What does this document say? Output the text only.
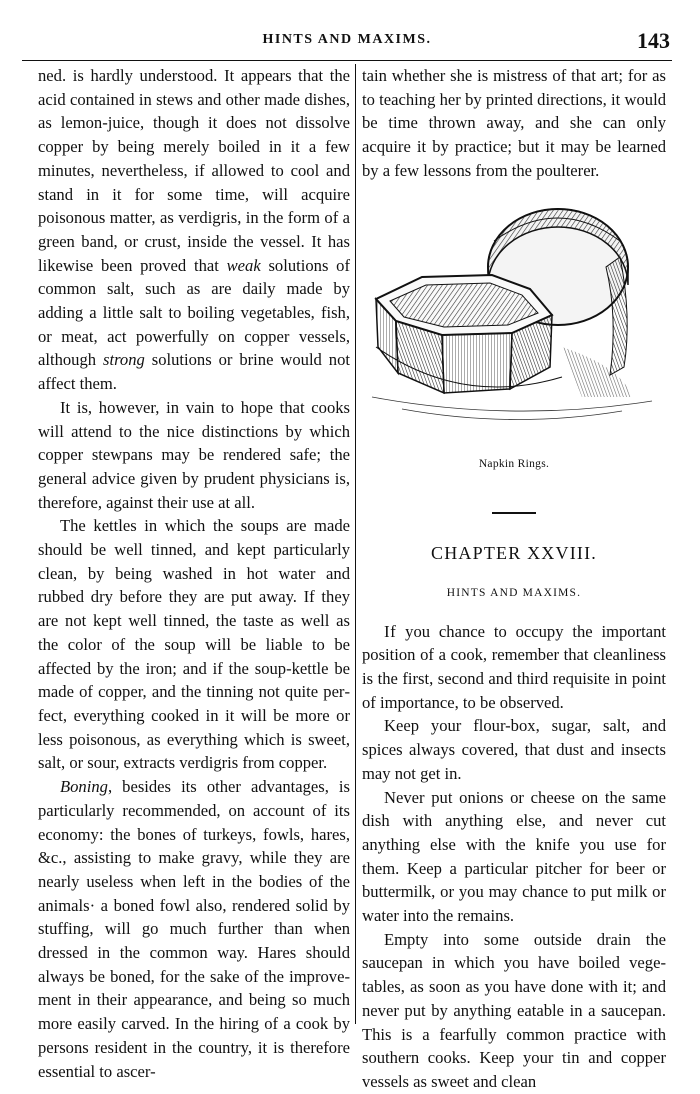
HINTS AND MAXIMS.	143

ned. is hardly understood. It appears that the acid contained in stews and other made dishes, as lemon-juice, though it does not dissolve copper by being merely boiled in it a few minutes, nevertheless, if allowed to cool and stand in it for some time, will acquire poisonous matter, as verdigris, in the form of a green band, or crust, inside the vessel. It has likewise been proved that weak solutions of common salt, such as are daily made by adding a little salt to boiling vegetables, fish, or meat, act powerfully on copper vessels, although strong solutions or brine would not affect them.

It is, however, in vain to hope that cooks will attend to the nice distinctions by which copper stewpans may be rendered safe; the general advice given by prudent physicians is, therefore, against their use at all.

The kettles in which the soups are made should be well tinned, and kept particularly clean, by being washed in hot water and rubbed dry before they are put away. If they are not kept well tinned, the taste as well as the color of the soup will be liable to be affected by the iron; and if the soup-kettle be made of copper, and the tinning not quite perfect, everything cooked in it will be more or less poisonous, as everything which is sweet, salt, or sour, extracts verdigris from copper.

Boning, besides its other advantages, is particularly recommended, on account of its economy: the bones of turkeys, fowls, hares, &c., assisting to make gravy, while they are nearly useless when left in the bodies of the animals· a boned fowl also, rendered solid by stuffing, will go much further than when dressed in the common way. Hares should always be boned, for the sake of the improvement in their appearance, and being so much more easily carved. In the hiring of a cook by persons resident in the country, it is therefore essential to ascer-

tain whether she is mistress of that art; for as to teaching her by printed directions, it would be time thrown away, and she can only acquire it by practice; but it may be learned by a few lessons from the poulterer.

Napkin Rings.
CHAPTER XXVIII.
HINTS AND MAXIMS.

If you chance to occupy the important position of a cook, remember that cleanliness is the first, second and third requisite in point of importance, to be observed.

Keep your flour-box, sugar, salt, and spices always covered, that dust and insects may not get in.

Never put onions or cheese on the same dish with anything else, and never cut anything else with the knife you use for them. Keep a particular pitcher for beer or buttermilk, or you may chance to put milk or water into the remains.

Empty into some outside drain the saucepan in which you have boiled vegetables, as soon as you have done with it; and never put by anything eatable in a saucepan. This is a fearfully common practice with southern cooks. Keep your tin and copper vessels as sweet and clean
